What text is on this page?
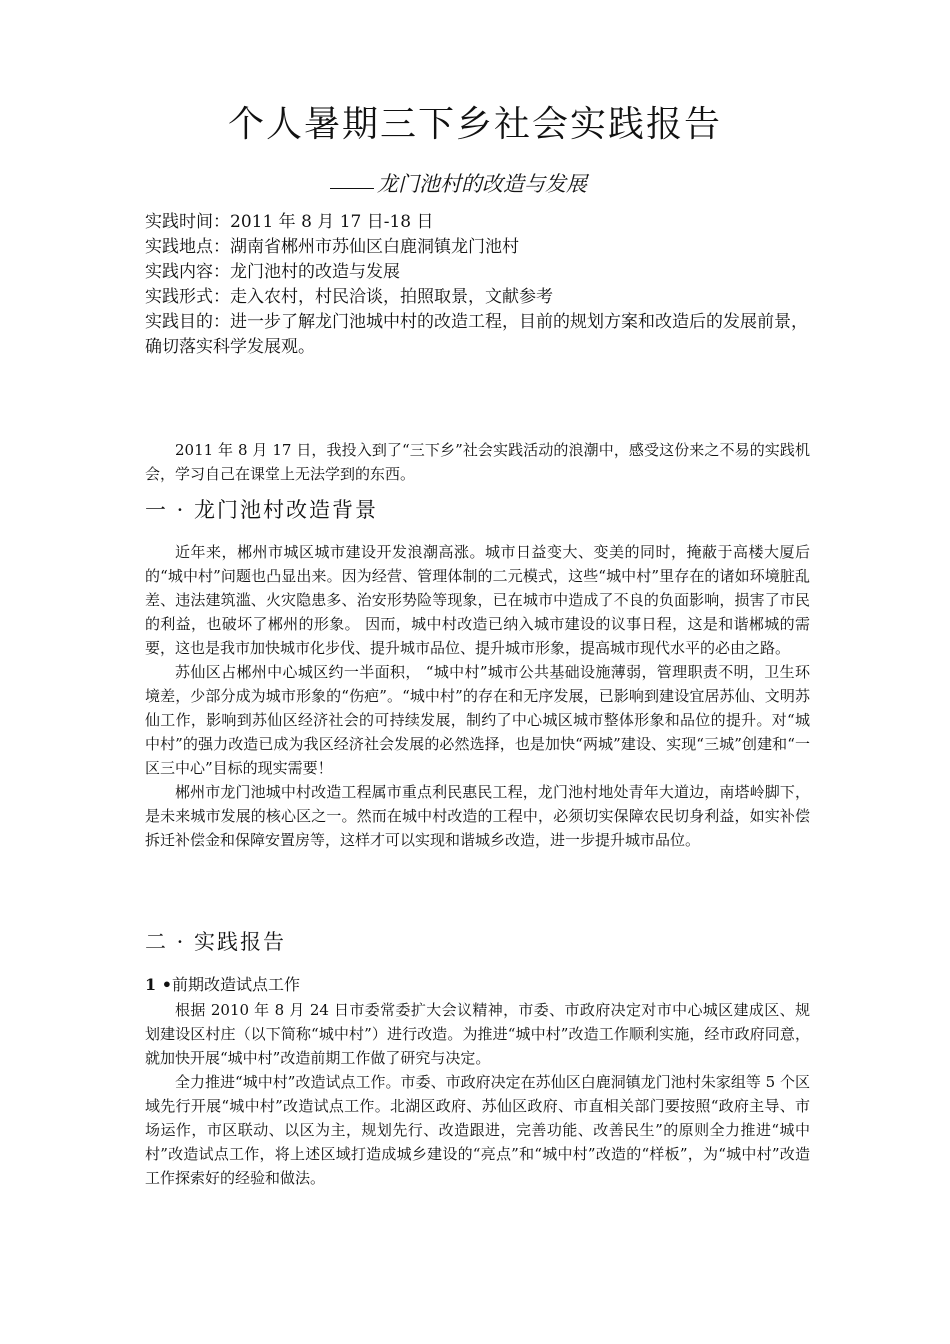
个人暑期三下乡社会实践报告
龙门池村的改造与发展

实践时间：2011 年 8 月 17 日-18 日

实践地点：湖南省郴州市苏仙区白鹿洞镇龙门池村

实践内容：龙门池村的改造与发展

实践形式：走入农村，村民洽谈，拍照取景，文献参考

实践目的：进一步了解龙门池城中村的改造工程，目前的规划方案和改造后的发展前景，确切落实科学发展观。

2011 年 8 月 17 日，我投入到了“三下乡”社会实践活动的浪潮中，感受这份来之不易的实践机会，学习自己在课堂上无法学到的东西。

一 · 龙门池村改造背景

近年来，郴州市城区城市建设开发浪潮高涨。城市日益变大、变美的同时，掩蔽于高楼大厦后的“城中村”问题也凸显出来。因为经营、管理体制的二元模式，这些“城中村”里存在的诸如环境脏乱差、违法建筑滥、火灾隐患多、治安形势险等现象，已在城市中造成了不良的负面影响，损害了市民的利益，也破坏了郴州的形象。 因而，城中村改造已纳入城市建设的议事日程，这是和谐郴城的需要，这也是我市加快城市化步伐、提升城市品位、提升城市形象，提高城市现代水平的必由之路。

苏仙区占郴州中心城区约一半面积， “城中村”城市公共基础设施薄弱，管理职责不明，卫生环境差，少部分成为城市形象的“伤疤”。“城中村”的存在和无序发展，已影响到建设宜居苏仙、文明苏仙工作，影响到苏仙区经济社会的可持续发展，制约了中心城区城市整体形象和品位的提升。对“城中村”的强力改造已成为我区经济社会发展的必然选择，也是加快“两城”建设、实现“三城”创建和“一区三中心”目标的现实需要！

郴州市龙门池城中村改造工程属市重点利民惠民工程，龙门池村地处青年大道边，南塔岭脚下，是未来城市发展的核心区之一。然而在城中村改造的工程中，必须切实保障农民切身利益，如实补偿拆迁补偿金和保障安置房等，这样才可以实现和谐城乡改造，进一步提升城市品位。

二 · 实践报告
1 •前期改造试点工作

根据 2010 年 8 月 24 日市委常委扩大会议精神，市委、市政府决定对市中心城区建成区、规划建设区村庄（以下简称“城中村”）进行改造。为推进“城中村”改造工作顺利实施，经市政府同意，就加快开展“城中村”改造前期工作做了研究与决定。

全力推进“城中村”改造试点工作。市委、市政府决定在苏仙区白鹿洞镇龙门池村朱家组等 5 个区域先行开展“城中村”改造试点工作。北湖区政府、苏仙区政府、市直相关部门要按照“政府主导、市场运作，市区联动、以区为主，规划先行、改造跟进，完善功能、改善民生”的原则全力推进“城中村”改造试点工作，将上述区域打造成城乡建设的“亮点”和“城中村”改造的“样板”，为“城中村”改造工作探索好的经验和做法。
